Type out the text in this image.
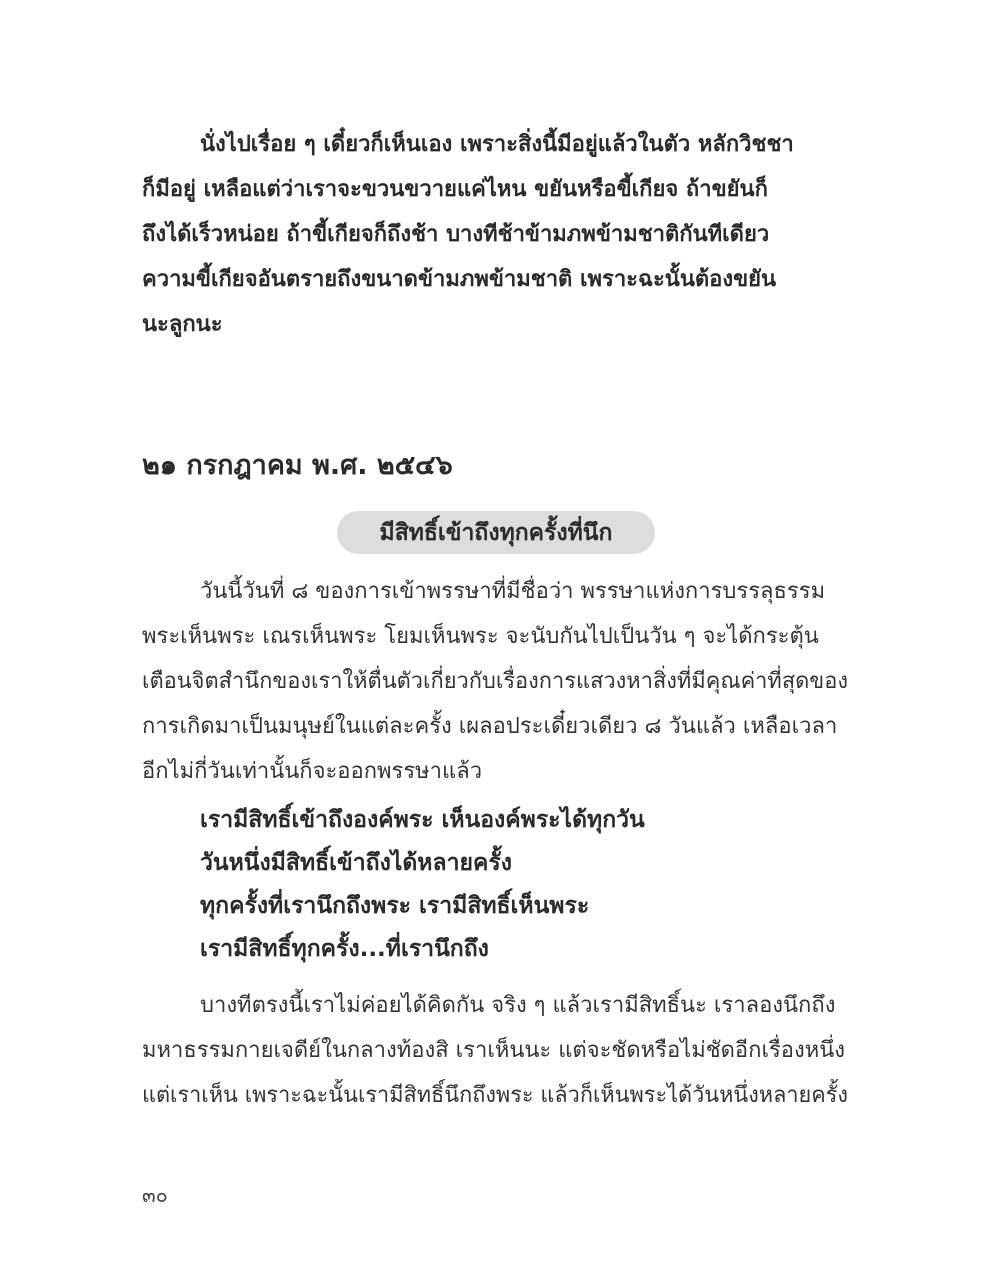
นั่งไปเรื่อย ๆ เดี๋ยวก็เห็นเอง เพราะสิ่งนี้มีอยู่แล้วในตัว หลักวิชชา
ก็มีอยู่ เหลือแต่ว่าเราจะขวนขวายแค่ไหน ขยันหรือขี้เกียจ ถ้าขยันก็
ถึงได้เร็วหน่อย ถ้าขี้เกียจก็ถึงช้า บางทีช้าข้ามภพข้ามชาติกันทีเดียว
ความขี้เกียจอันตรายถึงขนาดข้ามภพข้ามชาติ เพราะฉะนั้นต้องขยัน
นะลูกนะ
๒๑ กรกฎาคม พ.ศ. ๒๕๔๖
มีสิทธิ์เข้าถึงทุกครั้งที่นึก
วันนี้วันที่ ๘ ของการเข้าพรรษาที่มีชื่อว่า พรรษาแห่งการบรรลุธรรม
พระเห็นพระ เณรเห็นพระ โยมเห็นพระ จะนับกันไปเป็นวัน ๆ จะได้กระตุ้น
เตือนจิตสำนึกของเราให้ตื่นตัวเกี่ยวกับเรื่องการแสวงหาสิ่งที่มีคุณค่าที่สุดของ
การเกิดมาเป็นมนุษย์ในแต่ละครั้ง เผลอประเดี๋ยวเดียว ๘ วันแล้ว เหลือเวลา
อีกไม่กี่วันเท่านั้นก็จะออกพรรษาแล้ว
เรามีสิทธิ์เข้าถึงองค์พระ เห็นองค์พระได้ทุกวัน
วันหนึ่งมีสิทธิ์เข้าถึงได้หลายครั้ง
ทุกครั้งที่เรานึกถึงพระ เรามีสิทธิ์เห็นพระ
เรามีสิทธิ์ทุกครั้ง...ที่เรานึกถึง
บางทีตรงนี้เราไม่ค่อยได้คิดกัน จริง ๆ แล้วเรามีสิทธิ์นะ เราลองนึกถึง
มหาธรรมกายเจดีย์ในกลางท้องสิ เราเห็นนะ แต่จะชัดหรือไม่ชัดอีกเรื่องหนึ่ง
แต่เราเห็น เพราะฉะนั้นเรามีสิทธิ์นึกถึงพระ แล้วก็เห็นพระได้วันหนึ่งหลายครั้ง

๓๐
